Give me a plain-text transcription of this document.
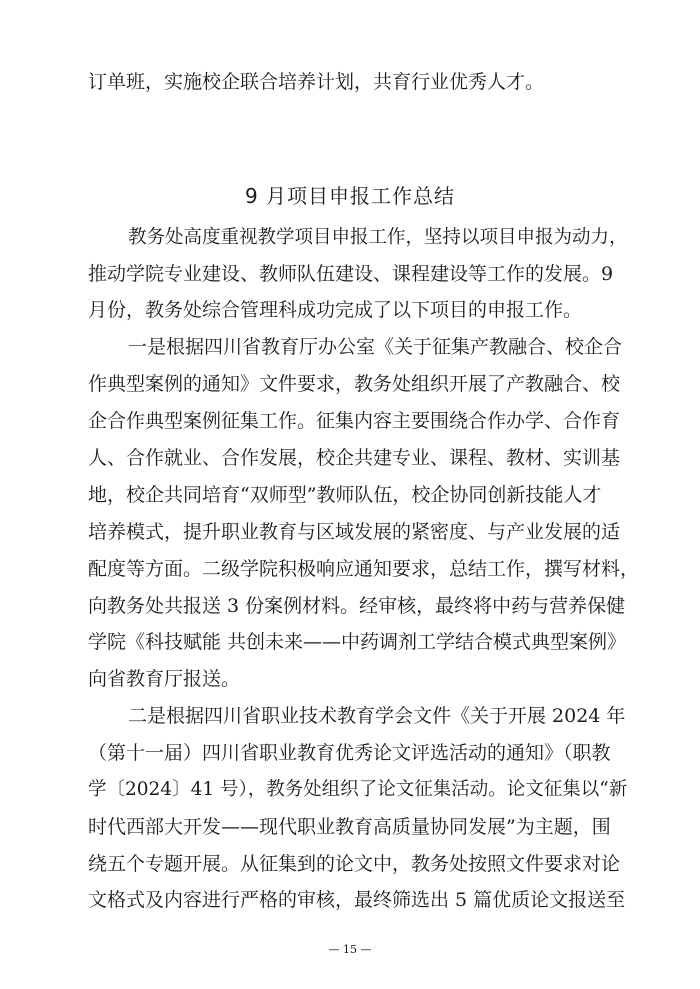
订单班，实施校企联合培养计划，共育行业优秀人才。
9 月项目申报工作总结
教务处高度重视教学项目申报工作，坚持以项目申报为动力，
推动学院专业建设、教师队伍建设、课程建设等工作的发展。9
月份，教务处综合管理科成功完成了以下项目的申报工作。
一是根据四川省教育厅办公室《关于征集产教融合、校企合
作典型案例的通知》文件要求，教务处组织开展了产教融合、校
企合作典型案例征集工作。征集内容主要围绕合作办学、合作育
人、合作就业、合作发展，校企共建专业、课程、教材、实训基
地，校企共同培育“双师型”教师队伍，校企协同创新技能人才
培养模式，提升职业教育与区域发展的紧密度、与产业发展的适
配度等方面。二级学院积极响应通知要求，总结工作，撰写材料，
向教务处共报送 3 份案例材料。经审核，最终将中药与营养保健
学院《科技赋能 共创未来——中药调剂工学结合模式典型案例》
向省教育厅报送。
二是根据四川省职业技术教育学会文件《关于开展 2024 年
（第十一届）四川省职业教育优秀论文评选活动的通知》（职教
学〔2024〕41 号），教务处组织了论文征集活动。论文征集以“新
时代西部大开发——现代职业教育高质量协同发展”为主题，围
绕五个专题开展。从征集到的论文中，教务处按照文件要求对论
文格式及内容进行严格的审核，最终筛选出 5 篇优质论文报送至
— 15 —
